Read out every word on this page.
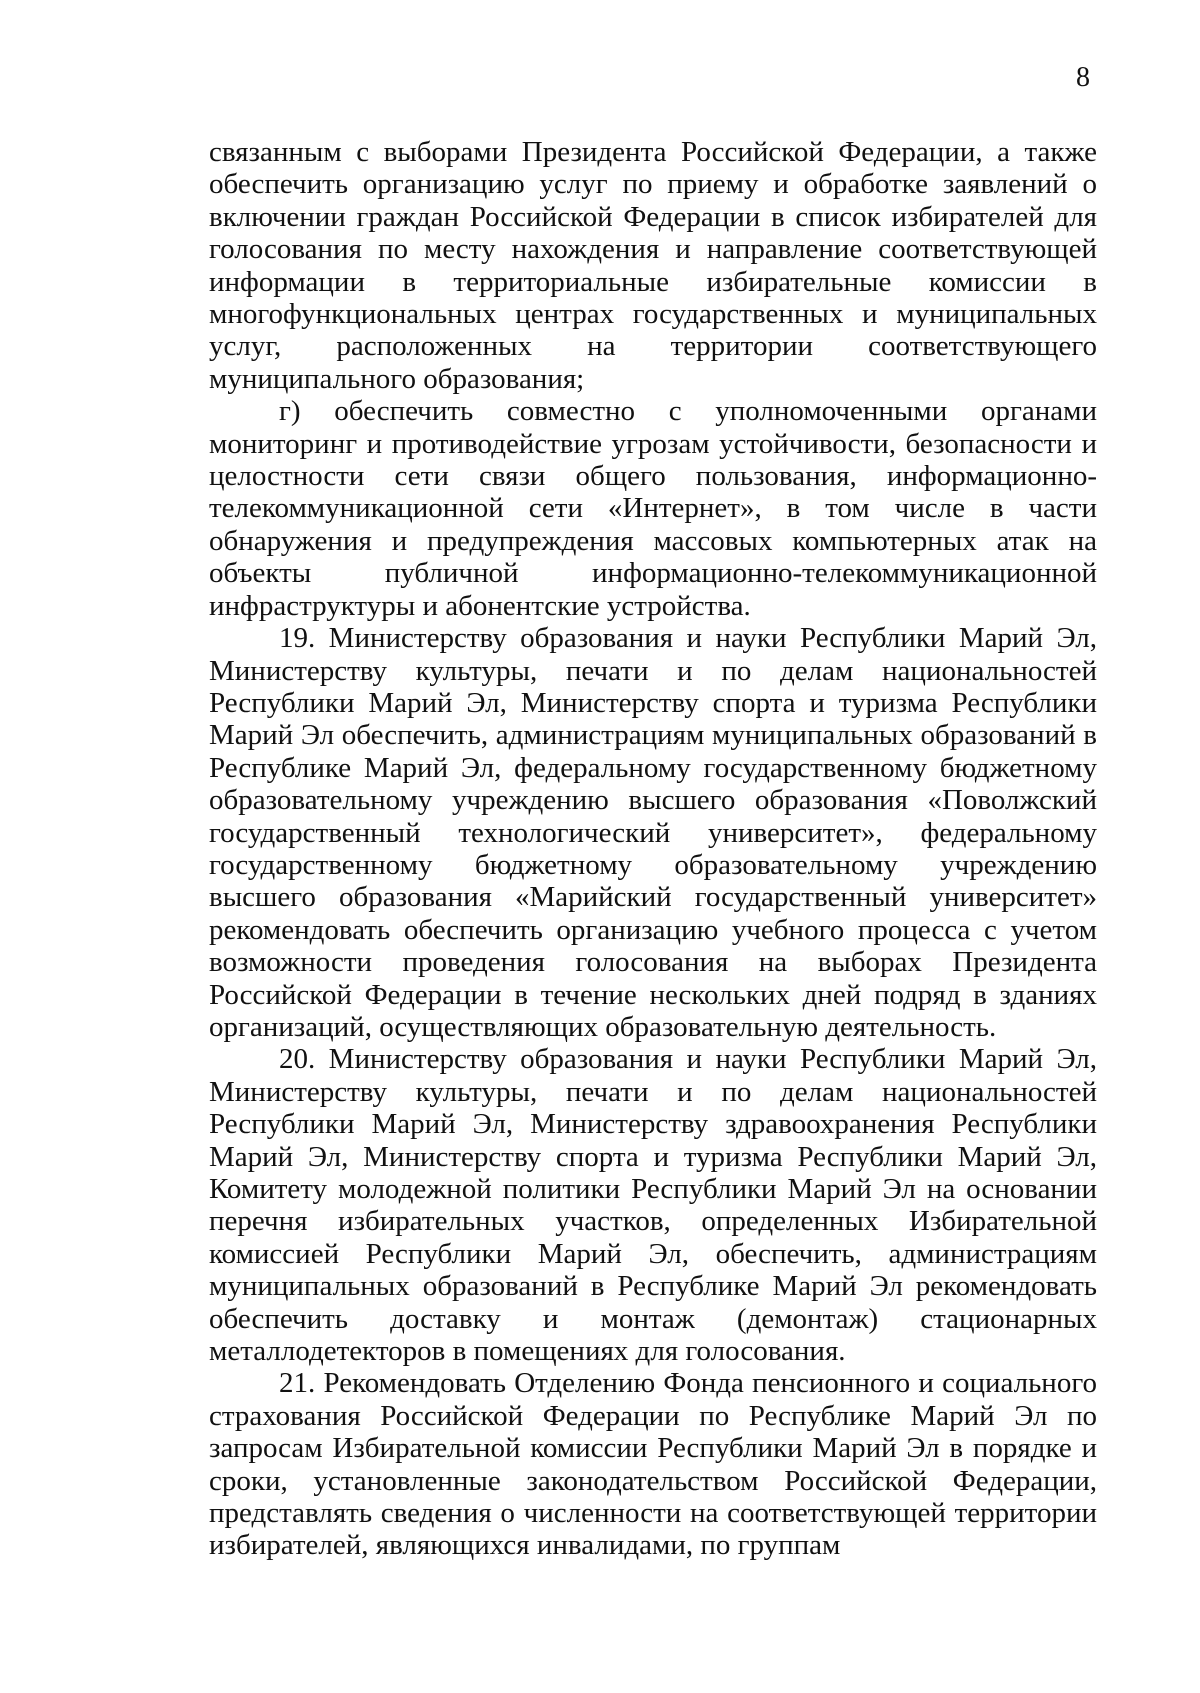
8

связанным с выборами Президента Российской Федерации, а также обеспечить организацию услуг по приему и обработке заявлений о включении граждан Российской Федерации в список избирателей для голосования по месту нахождения и направление соответствующей информации в территориальные избирательные комиссии в многофункциональных центрах государственных и муниципальных услуг, расположенных на территории соответствующего муниципального образования;

г) обеспечить совместно с уполномоченными органами мониторинг и противодействие угрозам устойчивости, безопасности и целостности сети связи общего пользования, информационно-телекоммуникационной сети «Интернет», в том числе в части обнаружения и предупреждения массовых компьютерных атак на объекты публичной информационно-телекоммуникационной инфраструктуры и абонентские устройства.

19. Министерству образования и науки Республики Марий Эл, Министерству культуры, печати и по делам национальностей Республики Марий Эл, Министерству спорта и туризма Республики Марий Эл обеспечить, администрациям муниципальных образований в Республике Марий Эл, федеральному государственному бюджетному образовательному учреждению высшего образования «Поволжский государственный технологический университет», федеральному государственному бюджетному образовательному учреждению высшего образования «Марийский государственный университет» рекомендовать обеспечить организацию учебного процесса с учетом возможности проведения голосования на выборах Президента Российской Федерации в течение нескольких дней подряд в зданиях организаций, осуществляющих образовательную деятельность.

20. Министерству образования и науки Республики Марий Эл, Министерству культуры, печати и по делам национальностей Республики Марий Эл, Министерству здравоохранения Республики Марий Эл, Министерству спорта и туризма Республики Марий Эл, Комитету молодежной политики Республики Марий Эл на основании перечня избирательных участков, определенных Избирательной комиссией Республики Марий Эл, обеспечить, администрациям муниципальных образований в Республике Марий Эл рекомендовать обеспечить доставку и монтаж (демонтаж) стационарных металлодетекторов в помещениях для голосования.

21. Рекомендовать Отделению Фонда пенсионного и социального страхования Российской Федерации по Республике Марий Эл по запросам Избирательной комиссии Республики Марий Эл в порядке и сроки, установленные законодательством Российской Федерации, представлять сведения о численности на соответствующей территории избирателей, являющихся инвалидами, по группам
